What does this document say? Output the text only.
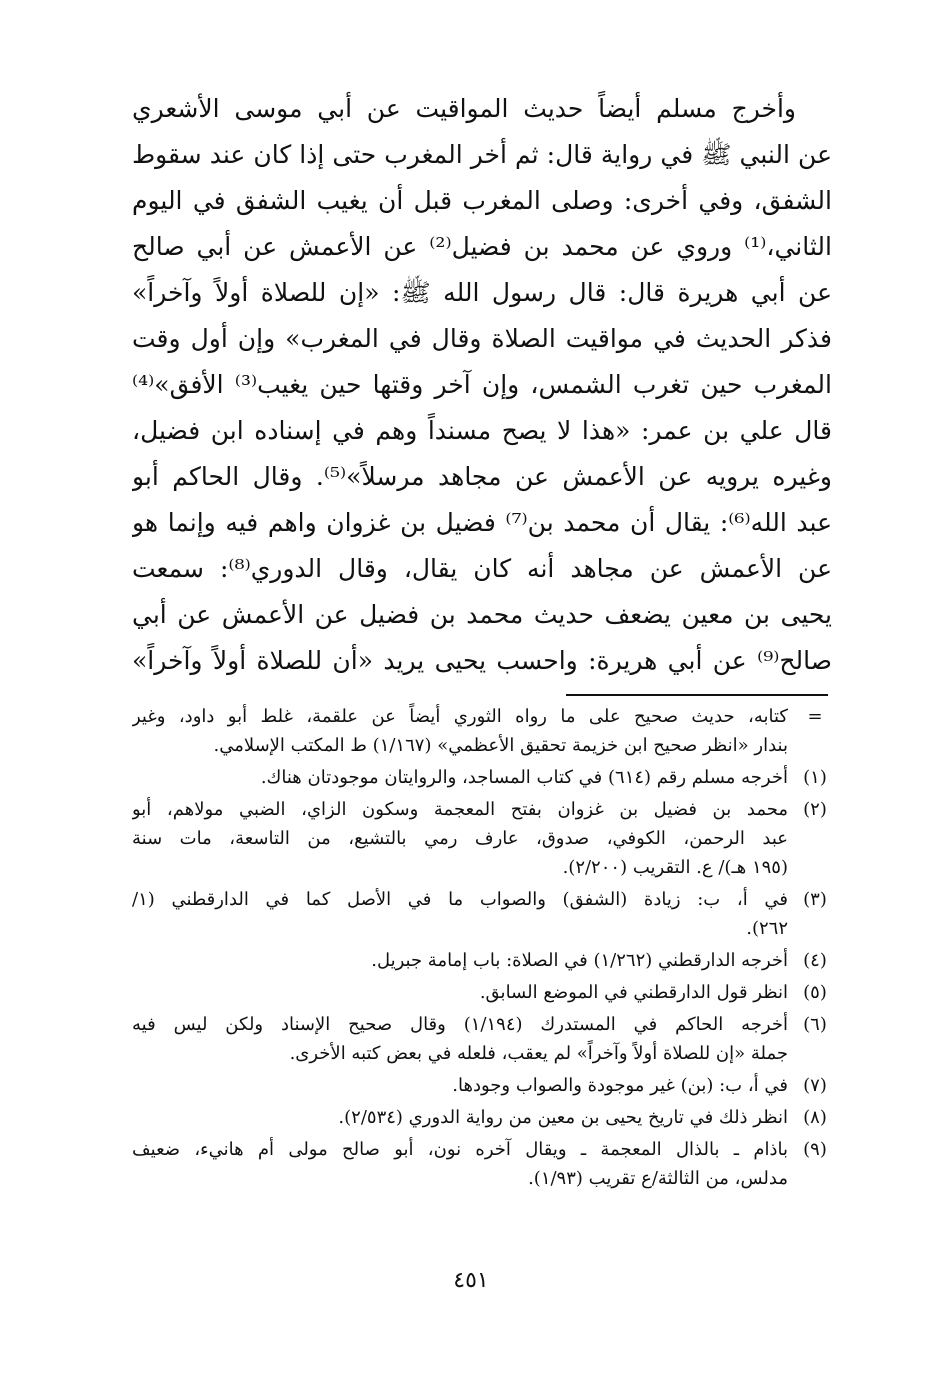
وأخرج مسلم أيضاً حديث المواقيت عن أبي موسى الأشعري
عن النبي ﷺ في رواية قال: ثم أخر المغرب حتى إذا كان عند سقوط
الشفق، وفي أخرى: وصلى المغرب قبل أن يغيب الشفق في اليوم
الثاني،⁽¹⁾ وروي عن محمد بن فضيل⁽²⁾ عن الأعمش عن أبي صالح
عن أبي هريرة قال: قال رسول الله ﷺ: «إن للصلاة أولاً وآخراً»
فذكر الحديث في مواقيت الصلاة وقال في المغرب» وإن أول وقت
المغرب حين تغرب الشمس، وإن آخر وقتها حين يغيب⁽³⁾ الأفق»⁽⁴⁾
قال علي بن عمر: «هذا لا يصح مسنداً وهم في إسناده ابن فضيل،
وغيره يرويه عن الأعمش عن مجاهد مرسلاً»⁽⁵⁾. وقال الحاكم أبو
عبد الله⁽⁶⁾: يقال أن محمد بن⁽⁷⁾ فضيل بن غزوان واهم فيه وإنما هو
عن الأعمش عن مجاهد أنه كان يقال، وقال الدوري⁽⁸⁾: سمعت
يحيى بن معين يضعف حديث محمد بن فضيل عن الأعمش عن أبي
صالح⁽⁹⁾ عن أبي هريرة: واحسب يحيى يريد «أن للصلاة أولاً وآخراً»
=
كتابه، حديث صحيح على ما رواه الثوري أيضاً عن علقمة، غلط أبو داود، وغير
بندار «انظر صحيح ابن خزيمة تحقيق الأعظمي» (١/١٦٧) ط المكتب الإسلامي.
(١)
أخرجه مسلم رقم (٦١٤) في كتاب المساجد، والروايتان موجودتان هناك.
(٢)
محمد بن فضيل بن غزوان بفتح المعجمة وسكون الزاي، الضبي مولاهم، أبو
عبد الرحمن، الكوفي، صدوق، عارف رمي بالتشيع، من التاسعة، مات سنة
(١٩٥ هـ)/ ع. التقريب (٢/٢٠٠).
(٣)
في أ، ب: زيادة (الشفق) والصواب ما في الأصل كما في الدارقطني (١/
٢٦٢).
(٤)
أخرجه الدارقطني (١/٢٦٢) في الصلاة: باب إمامة جبريل.
(٥)
انظر قول الدارقطني في الموضع السابق.
(٦)
أخرجه الحاكم في المستدرك (١/١٩٤) وقال صحيح الإسناد ولكن ليس فيه
جملة «إن للصلاة أولاً وآخراً» لم يعقب، فلعله في بعض كتبه الأخرى.
(٧)
في أ، ب: (بن) غير موجودة والصواب وجودها.
(٨)
انظر ذلك في تاريخ يحيى بن معين من رواية الدوري (٢/٥٣٤).
(٩)
باذام ـ بالذال المعجمة ـ ويقال آخره نون، أبو صالح مولى أم هانيء، ضعيف
مدلس، من الثالثة/ع تقريب (١/٩٣).
٤٥١
